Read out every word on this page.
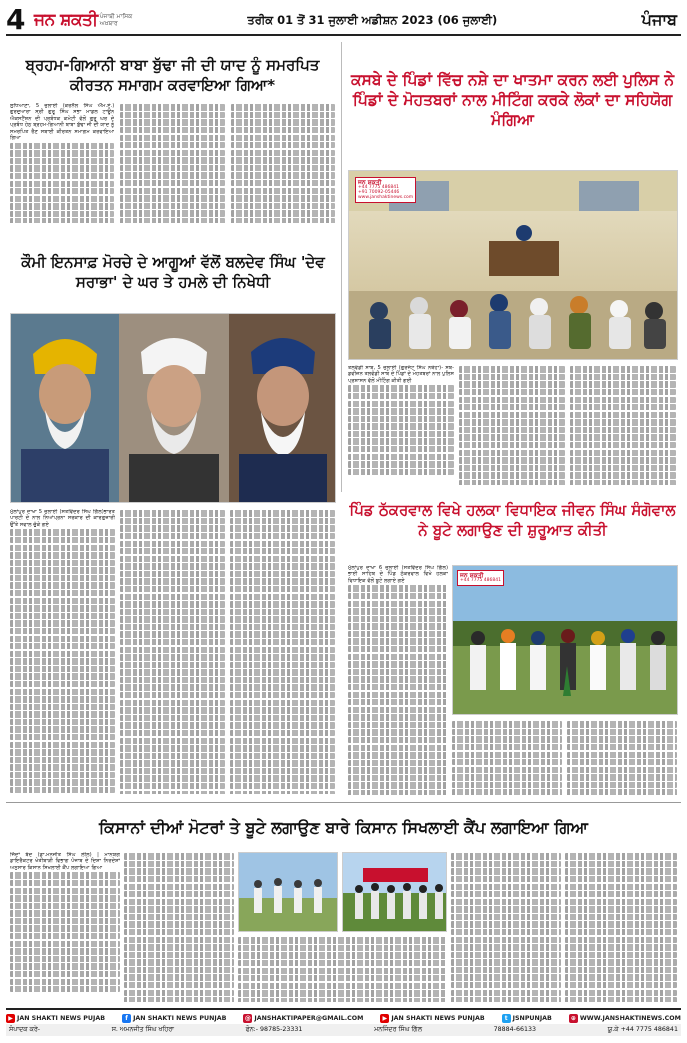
4 ਜਨ ਸ਼ਕਤੀ ਪੰਜਾਬੀ ਮਾਸਿਕ ਅਖ਼ਬਾਰ	ਤਰੀਕ 01 ਤੋਂ 31 ਜੁਲਾਈ ਅਡੀਸ਼ਨ 2023 (06 ਜੁਲਾਈ)	ਪੰਜਾਬ
ਬ੍ਰਹਮ-ਗਿਆਨੀ ਬਾਬਾ ਬੁੱਢਾ ਜੀ ਦੀ ਯਾਦ ਨੂੰ ਸਮਰਪਿਤ ਕੀਰਤਨ ਸਮਾਗਮ ਕਰਵਾਇਆ ਗਿਆ*
ਲੁਧਿਆਣਾ, 5 ਜੁਲਾਈ (ਕਰਨੈਲ ਸਿੰਘ ਐੱਮ.ਏ.) ਗੁਰਦੁਆਰਾ ਸ੍ਰੀ ਗੁਰੂ ਸਿੰਘ ਸਭਾ ਮਾਡਲ ਟਾਊਨ ਐਕਸਟੈਂਸ਼ਨ ਦੀ ਪ੍ਰਬੰਧਕ ਕਮੇਟੀ ਵੱਲੋਂ ਗੁਰੂ ਘਰ ਦੇ ਪ੍ਰਬੰਧ ਹੇਠ ਬ੍ਰਹਮ-ਗਿਆਨੀ ਬਾਬਾ ਬੁੱਢਾ ਜੀ ਦੀ ਯਾਦ ਨੂੰ ਸਮਰਪਿਤ ਰੈਣ ਸਬਾਈ ਕੀਰਤਨ ਸਮਾਗਮ ਕਰਵਾਇਆ ਗਿਆ
ਕਸਬੇ ਦੇ ਪਿੰਡਾਂ ਵਿੱਚ ਨਸ਼ੇ ਦਾ ਖਾਤਮਾ ਕਰਨ ਲਈ ਪੁਲਿਸ ਨੇ ਪਿੰਡਾਂ ਦੇ ਮੋਹਤਬਰਾਂ ਨਾਲ ਮੀਟਿੰਗ ਕਰਕੇ ਲੋਕਾਂ ਦਾ ਸਹਿਯੋਗ ਮੰਗਿਆ
ਜਨ ਸ਼ਕਤੀ
+44 7775 486841
+91 70092-05446
www.janshaktinews.com
ਤਲਵੰਡੀ ਸਾਬੋ, 5 ਜੁਲਾਈ (ਗੁਰਜੰਟ ਸਿੰਘ ਨਥੇਹਾ)- ਸਬ-ਡਵੀਜ਼ਨ ਤਲਵੰਡੀ ਸਾਬੋ ਦੇ ਪਿੰਡਾਂ ਦੇ ਮੋਹਤਬਰਾਂ ਨਾਲ ਪੁਲਿਸ ਪ੍ਰਸ਼ਾਸਨ ਵੱਲੋਂ ਮੀਟਿੰਗ ਕੀਤੀ ਗਈ
ਕੌਮੀ ਇਨਸਾਫ਼ ਮੋਰਚੇ ਦੇ ਆਗੂਆਂ ਵੱਲੋਂ ਬਲਦੇਵ ਸਿੰਘ 'ਦੇਵ ਸਰਾਭਾ' ਦੇ ਘਰ ਤੇ ਹਮਲੇ ਦੀ ਨਿਖੇਧੀ
ਮੁੱਲਾਂਪੁਰ ਦਾਖਾ 5 ਜੁਲਾਈ (ਸਤਵਿੰਦਰ ਸਿੰਘ ਗਿੱਲ)ਭਾਰਤ ਪਾਰਟੀ ਦੇ ਨਾਲ ਨਿਆਂਪ੍ਰਨਾ ਸਰਕਾਰ ਦੀ ਕਾਰਗੁਜ਼ਾਰੀ ਉੱਤੇ ਸਵਾਲ ਚੁੱਕੇ ਗਏ
ਪਿੰਡ ਠੱਕਰਵਾਲ ਵਿਖੇ ਹਲਕਾ ਵਿਧਾਇਕ ਜੀਵਨ ਸਿੰਘ ਸੰਗੋਵਾਲ ਨੇ ਬੂਟੇ ਲਗਾਉਣ ਦੀ ਸ਼ੁਰੂਆਤ ਕੀਤੀ
ਮੁੱਲਾਂਪੁਰ ਦਾਖਾ 6 ਜੁਲਾਈ (ਸਤਵਿੰਦਰ ਸਿੰਘ ਗਿੱਲ) ਭਾਈ ਸਾਹਿਬ ਦੇ ਪਿੰਡ ਠੱਕਰਵਾਲ ਵਿਖੇ ਹਲਕਾ ਵਿਧਾਇਕ ਵੱਲੋਂ ਬੂਟੇ ਲਗਾਏ ਗਏ
ਜਨ ਸ਼ਕਤੀ
+44 7775 486841
ਕਿਸਾਨਾਂ ਦੀਆਂ ਮੋਟਰਾਂ ਤੇ ਬੂਟੇ ਲਗਾਉਣ ਬਾਰੇ ਕਿਸਾਨ ਸਿਖਲਾਈ ਕੈਂਪ ਲਗਾਇਆ ਗਿਆ
ਜਿੱਦਾਂ ਬੰਦ (ਡਾ.ਮਨਜੀਤ ਸਿੰਘ ਲੀਲ) | ਮਾਨਯੋਗ ਡਾਇਰੈਕਟਰ ਖੇਤੀਬਾੜੀ ਵਿਭਾਗ ਪੰਜਾਬ ਦੇ ਦਿਸ਼ਾ ਨਿਰਦੇਸ਼ਾਂ ਅਨੁਸਾਰ ਕਿਸਾਨ ਸਿਖਲਾਈ ਕੈਂਪ ਲਗਾਇਆ ਗਿਆ
▶ JAN SHAKTI NEWS PUJAB	f JAN SHAKTI NEWS PUNJAB	@ JANSHAKTIPAPER@GMAIL.COM	▶ JAN SHAKTI NEWS PUNJAB	t JSNPUNJAB	⊕ WWW.JANSHAKTINEWS.COM
ਸੰਪਾਦਕ ਕਰੇ-	ਸ. ਅਮਨਜੀਤ ਸਿੰਘ ਖਹਿਰਾ	ਫੋਨ:- 98785-23331	ਮਨਜਿੰਦਰ ਸਿੰਘ ਗਿੱਲ	78884-66133	ਯੂ.ਕੇ +44 7775 486841
